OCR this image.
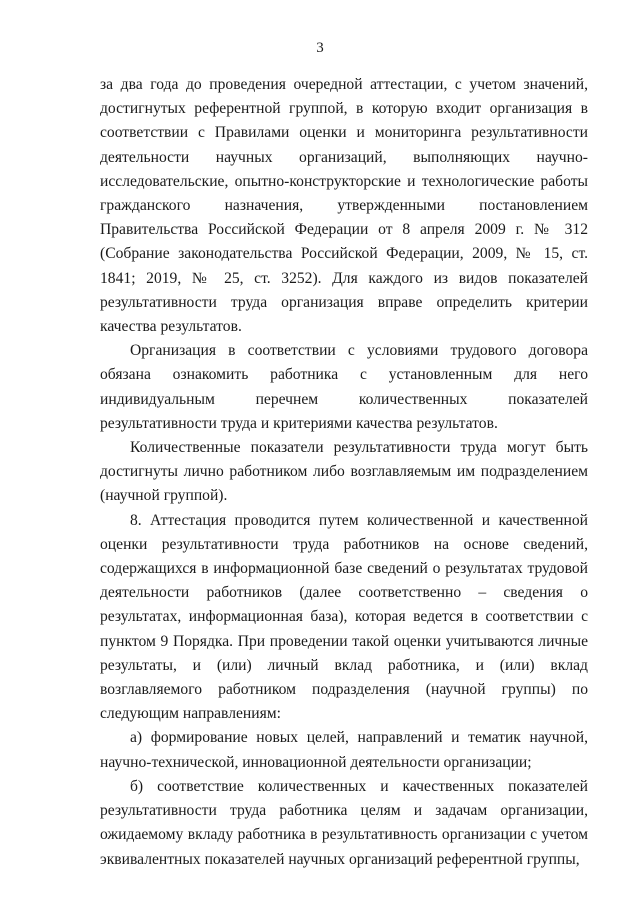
3

за два года до проведения очередной аттестации, с учетом значений, достигнутых референтной группой, в которую входит организация в соответствии с Правилами оценки и мониторинга результативности деятельности научных организаций, выполняющих научно-исследовательские, опытно-конструкторские и технологические работы гражданского назначения, утвержденными постановлением Правительства Российской Федерации от 8 апреля 2009 г. № 312 (Собрание законодательства Российской Федерации, 2009, № 15, ст. 1841; 2019, № 25, ст. 3252). Для каждого из видов показателей результативности труда организация вправе определить критерии качества результатов.

Организация в соответствии с условиями трудового договора обязана ознакомить работника с установленным для него индивидуальным перечнем количественных показателей результативности труда и критериями качества результатов.

Количественные показатели результативности труда могут быть достигнуты лично работником либо возглавляемым им подразделением (научной группой).

8. Аттестация проводится путем количественной и качественной оценки результативности труда работников на основе сведений, содержащихся в информационной базе сведений о результатах трудовой деятельности работников (далее соответственно – сведения о результатах, информационная база), которая ведется в соответствии с пунктом 9 Порядка. При проведении такой оценки учитываются личные результаты, и (или) личный вклад работника, и (или) вклад возглавляемого работником подразделения (научной группы) по следующим направлениям:

а) формирование новых целей, направлений и тематик научной, научно-технической, инновационной деятельности организации;

б) соответствие количественных и качественных показателей результативности труда работника целям и задачам организации, ожидаемому вкладу работника в результативность организации с учетом эквивалентных показателей научных организаций референтной группы,
